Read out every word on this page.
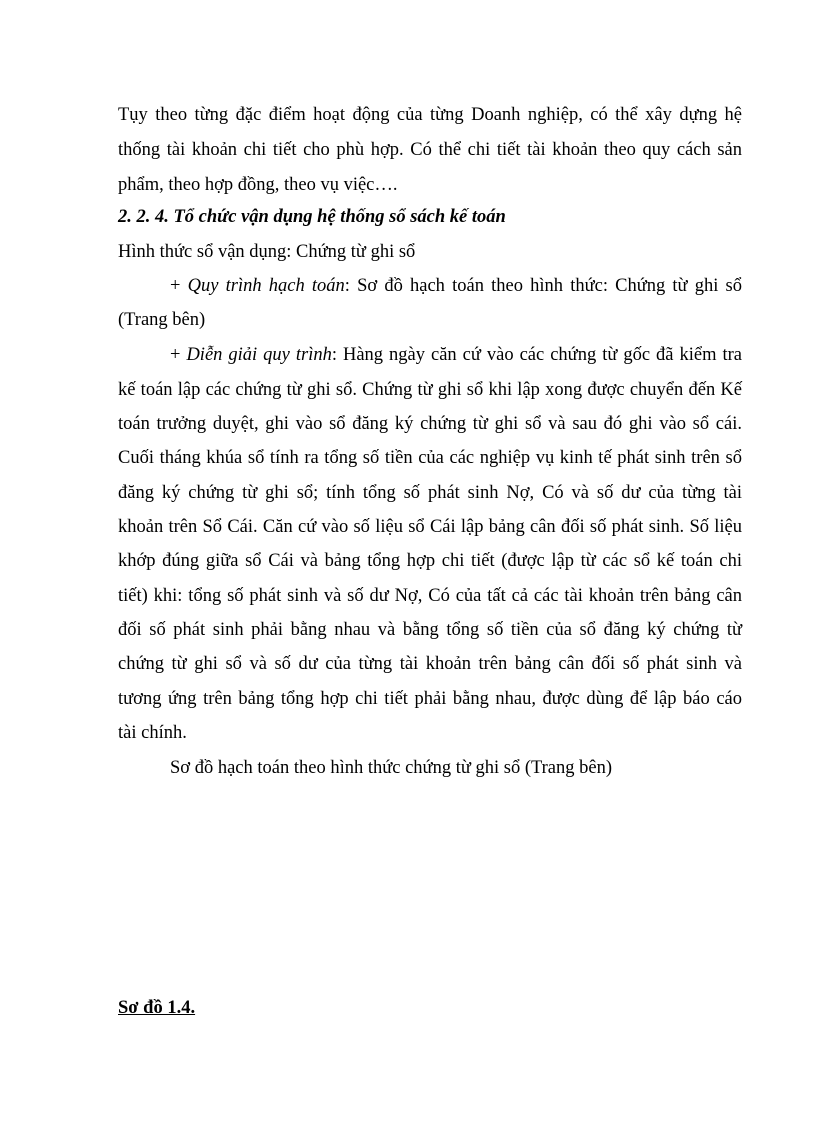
Tụy theo từng đặc điểm hoạt động của từng Doanh nghiệp, có thể xây dựng hệ
thống tài khoản chi tiết cho phù hợp. Có thể chi tiết tài khoản theo quy cách sản
phẩm, theo hợp đồng, theo vụ việc….
2. 2. 4. Tổ chức vận dụng hệ thống sổ sách kế toán
Hình thức sổ vận dụng: Chứng từ ghi sổ
+ Quy trình hạch toán: Sơ đồ hạch toán theo hình thức: Chứng từ ghi sổ
(Trang bên)
+ Diễn giải quy trình: Hàng ngày căn cứ vào các chứng từ gốc đã kiểm tra
kế toán lập các chứng từ ghi sổ. Chứng từ ghi sổ khi lập xong được chuyển đến Kế
toán trưởng duyệt, ghi vào sổ đăng ký chứng từ ghi sổ và sau đó ghi vào sổ cái.
Cuối tháng khúa sổ tính ra tổng số tiền của các nghiệp vụ kinh tế phát sinh trên sổ
đăng ký chứng từ ghi sổ; tính tổng số phát sinh Nợ, Có và số dư của từng tài
khoản trên Sổ Cái. Căn cứ vào số liệu sổ Cái lập bảng cân đối số phát sinh. Số liệu
khớp đúng giữa sổ Cái và bảng tổng hợp chi tiết (được lập từ các sổ kế toán chi
tiết) khi: tổng số phát sinh và số dư Nợ, Có của tất cả các tài khoản trên bảng cân
đối số phát sinh phải bằng nhau và bằng tổng số tiền của sổ đăng ký chứng từ
chứng từ ghi sổ và số dư của từng tài khoản trên bảng cân đối số phát sinh và
tương ứng trên bảng tổng hợp chi tiết phải bằng nhau, được dùng để lập báo cáo
tài chính.
Sơ đồ hạch toán theo hình thức chứng từ ghi sổ (Trang bên)
Sơ đồ 1.4.
